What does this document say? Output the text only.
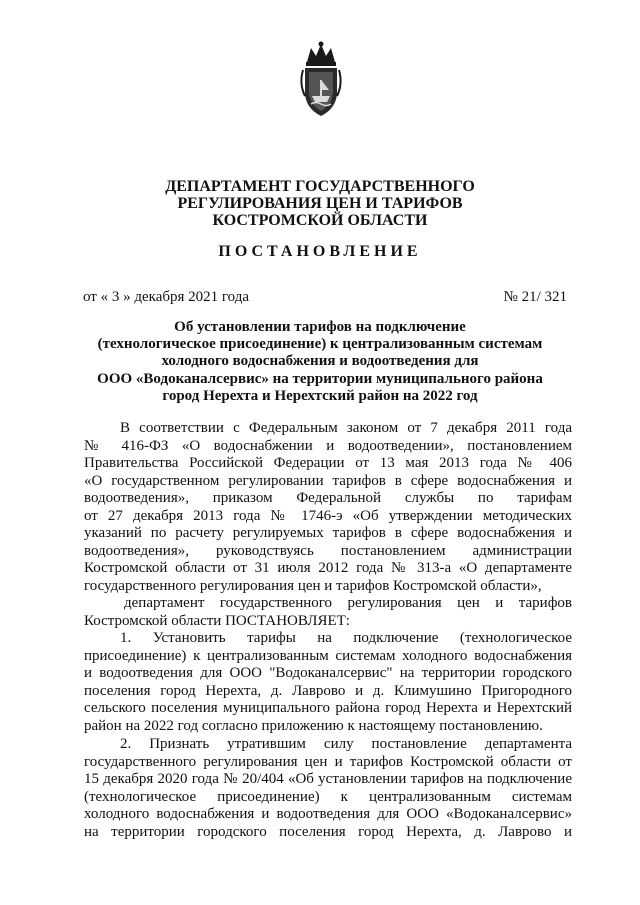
ДЕПАРТАМЕНТ ГОСУДАРСТВЕННОГО
РЕГУЛИРОВАНИЯ ЦЕН И ТАРИФОВ
КОСТРОМСКОЙ ОБЛАСТИ
ПОСТАНОВЛЕНИЕ
от « 3 » декабря 2021 года	№ 21/ 321
Об установлении тарифов на подключение
(технологическое присоединение) к централизованным системам
холодного водоснабжения и водоотведения для
ООО «Водоканалсервис» на территории муниципального района
город Нерехта и Нерехтский район на 2022 год
В соответствии с Федеральным законом от 7 декабря 2011 года
№ 416-ФЗ «О водоснабжении и водоотведении», постановлением
Правительства Российской Федерации от 13 мая 2013 года № 406
«О государственном регулировании тарифов в сфере водоснабжения и
водоотведения», приказом Федеральной службы по тарифам
от 27 декабря 2013 года № 1746-э «Об утверждении методических
указаний по расчету регулируемых тарифов в сфере водоснабжения и
водоотведения», руководствуясь постановлением администрации
Костромской области от 31 июля 2012 года № 313-а «О департаменте
государственного регулирования цен и тарифов Костромской области»,
департамент государственного регулирования цен и тарифов
Костромской области ПОСТАНОВЛЯЕТ:
1. Установить тарифы на подключение (технологическое
присоединение) к централизованным системам холодного водоснабжения
и водоотведения для ООО "Водоканалсервис" на территории городского
поселения город Нерехта, д. Лаврово и д. Климушино Пригородного
сельского поселения муниципального района город Нерехта и Нерехтский
район на 2022 год согласно приложению к настоящему постановлению.
2. Признать утратившим силу постановление департамента
государственного регулирования цен и тарифов Костромской области от
15 декабря 2020 года № 20/404 «Об установлении тарифов на подключение
(технологическое присоединение) к централизованным системам
холодного водоснабжения и водоотведения для ООО «Водоканалсервис»
на территории городского поселения город Нерехта, д. Лаврово и
